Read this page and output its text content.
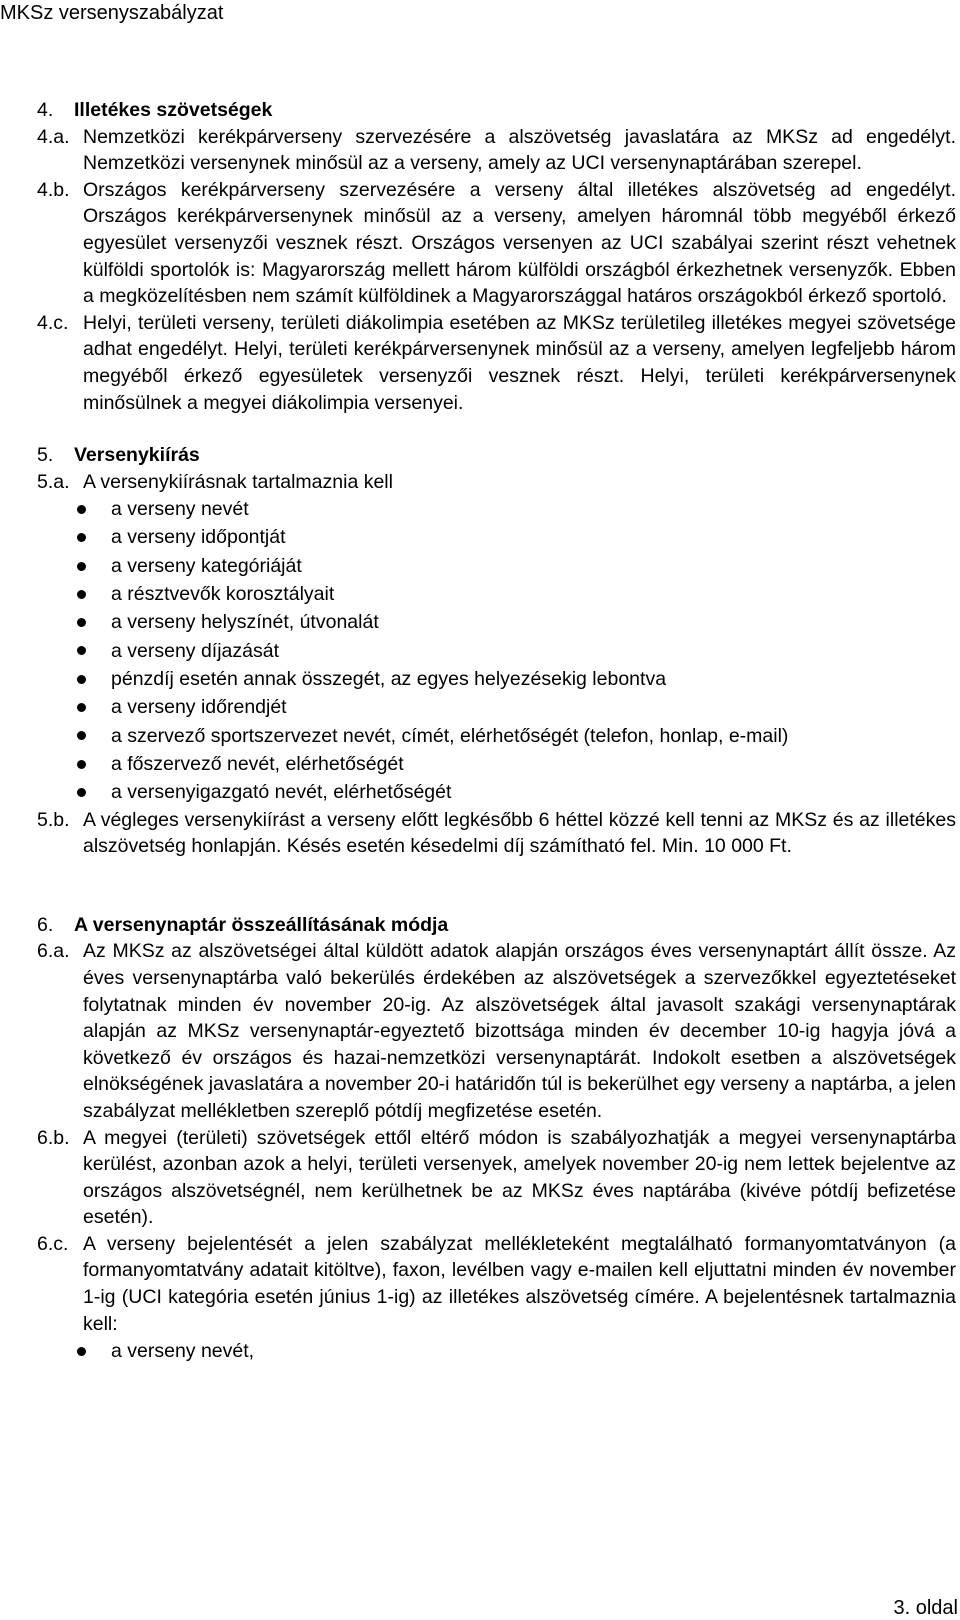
MKSz versenyszabályzat
4.	Illetékes szövetségek
4.a. Nemzetközi kerékpárverseny szervezésére a alszövetség javaslatára az MKSz ad engedélyt. Nemzetközi versenynek minősül az a verseny, amely az UCI versenynaptárában szerepel.
4.b. Országos kerékpárverseny szervezésére a verseny által illetékes alszövetség ad engedélyt. Országos kerékpárversenynek minősül az a verseny, amelyen háromnál több megyéből érkező egyesület versenyzői vesznek részt. Országos versenyen az UCI szabályai szerint részt vehetnek külföldi sportolók is: Magyarország mellett három külföldi országból érkezhetnek versenyzők. Ebben a megközelítésben nem számít külföldinek a Magyarországgal határos országokból érkező sportoló.
4.c. Helyi, területi verseny, területi diákolimpia esetében az MKSz területileg illetékes megyei szövetsége adhat engedélyt. Helyi, területi kerékpárversenynek minősül az a verseny, amelyen legfeljebb három megyéből érkező egyesületek versenyzői vesznek részt. Helyi, területi kerékpárversenynek minősülnek a megyei diákolimpia versenyei.
5.	Versenykiírás
5.a. A versenykiírásnak tartalmaznia kell
a verseny nevét
a verseny időpontját
a verseny kategóriáját
a résztvevők korosztályait
a verseny helyszínét, útvonalát
a verseny díjazását
pénzdíj esetén annak összegét, az egyes helyezésekig lebontva
a verseny időrendjét
a szervező sportszervezet nevét, címét, elérhetőségét (telefon, honlap, e-mail)
a főszervező nevét, elérhetőségét
a versenyigazgató nevét, elérhetőségét
5.b. A végleges versenykiírást a verseny előtt legkésőbb 6 héttel közzé kell tenni az MKSz és az illetékes alszövetség honlapján. Késés esetén késedelmi díj számítható fel. Min. 10 000 Ft.
6.	A versenynaptár összeállításának módja
6.a. Az MKSz az alszövetségei által küldött adatok alapján országos éves versenynaptárt állít össze. Az éves versenynaptárba való bekerülés érdekében az alszövetségek a szervezőkkel egyeztetéseket folytatnak minden év november 20-ig. Az alszövetségek által javasolt szakági versenynaptárak alapján az MKSz versenynaptár-egyeztető bizottsága minden év december 10-ig hagyja jóvá a következő év országos és hazai-nemzetközi versenynaptárát. Indokolt esetben a alszövetségek elnökségének javaslatára a november 20-i határidőn túl is bekerülhet egy verseny a naptárba, a jelen szabályzat mellékletben szereplő pótdíj megfizetése esetén.
6.b. A megyei (területi) szövetségek ettől eltérő módon is szabályozhatják a megyei versenynaptárba kerülést, azonban azok a helyi, területi versenyek, amelyek november 20-ig nem lettek bejelentve az országos alszövetségnél, nem kerülhetnek be az MKSz éves naptárába (kivéve pótdíj befizetése esetén).
6.c. A verseny bejelentését a jelen szabályzat mellékleteként megtalálható formanyomtatványon (a formanyomtatvány adatait kitöltve), faxon, levélben vagy e-mailen kell eljuttatni minden év november 1-ig (UCI kategória esetén június 1-ig) az illetékes alszövetség címére. A bejelentésnek tartalmaznia kell:
a verseny nevét,
3. oldal
